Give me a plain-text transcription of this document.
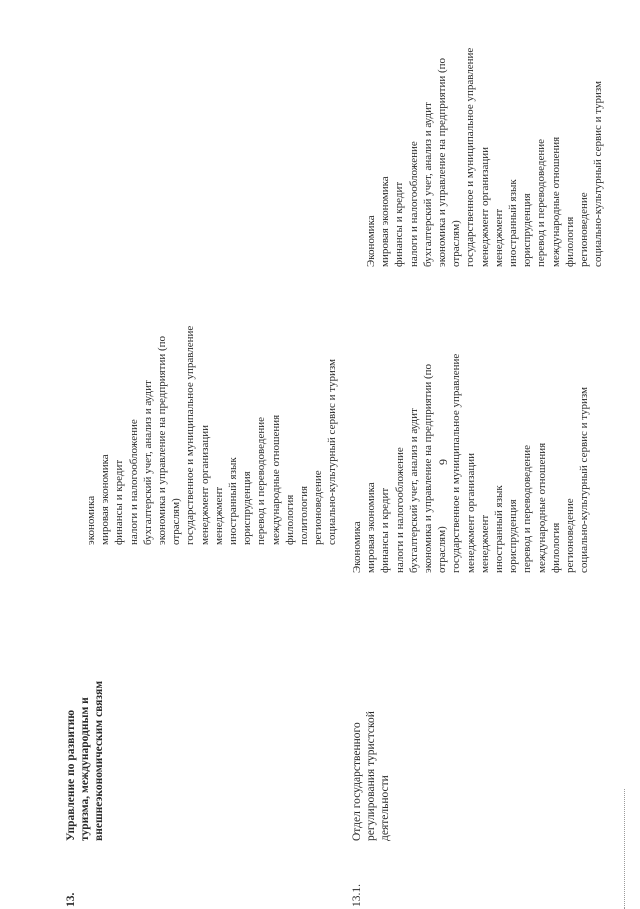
9
13.
Управление по развитию туризма, международным и внешнеэкономическим связям
экономика мировая экономика финансы и кредит налоги и налогообложение бухгалтерский учет, анализ и аудит экономика и управление на предприятии (по отраслям) государственное и муниципальное управление менеджмент организации менеджмент иностранный язык юриспруденция перевод и переводоведение международные отношения филология политология регионоведение социально-культурный сервис и туризм
13.1.
Отдел государственного регулирования туристской деятельности
Экономика мировая экономика финансы и кредит налоги и налогообложение бухгалтерский учет, анализ и аудит экономика и управление на предприятии (по отраслям) государственное и муниципальное управление менеджмент организации менеджмент иностранный язык юриспруденция перевод и переводоведение международные отношения филология регионоведение социально-культурный сервис и туризм
Экономика мировая экономика финансы и кредит налоги и налогообложение бухгалтерский учет, анализ и аудит экономика и управление на предприятии (по отраслям) государственное и муниципальное управление менеджмент организации менеджмент иностранный язык юриспруденция перевод и переводоведение международные отношения филология регионоведение социально-культурный сервис и туризм
